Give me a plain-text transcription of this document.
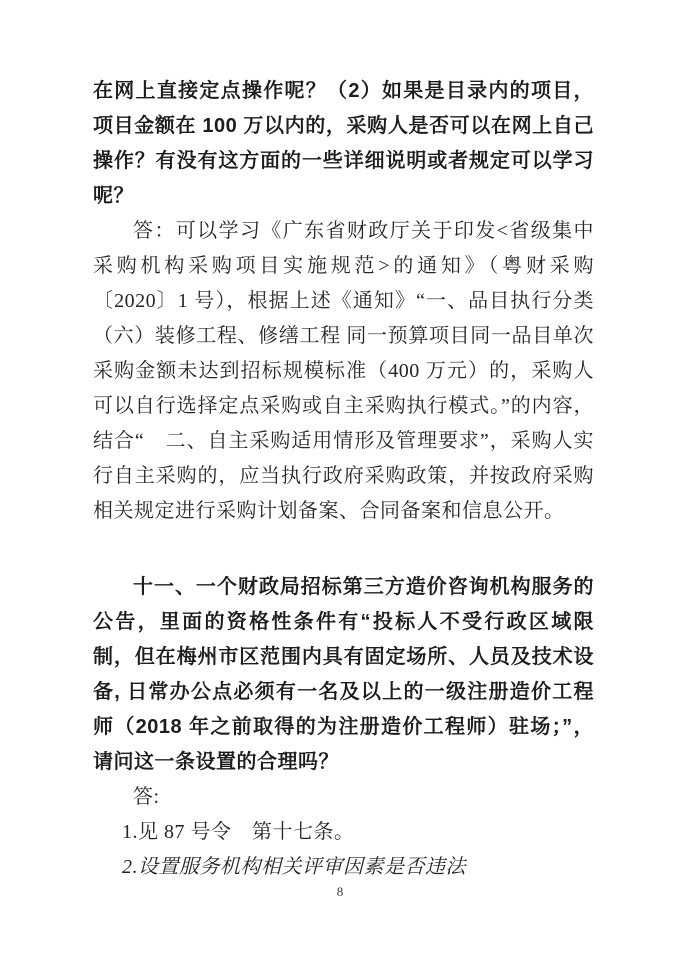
在网上直接定点操作呢？（2）如果是目录内的项目，项目金额在 100 万以内的，采购人是否可以在网上自己操作？有没有这方面的一些详细说明或者规定可以学习呢？

答：可以学习《广东省财政厅关于印发<省级集中采购机构采购项目实施规范>的通知》（粤财采购〔2020〕1 号），根据上述《通知》“一、品目执行分类（六）装修工程、修缮工程 同一预算项目同一品目单次采购金额未达到招标规模标准（400 万元）的，采购人可以自行选择定点采购或自主采购执行模式。”的内容，结合“　二、自主采购适用情形及管理要求”，采购人实行自主采购的，应当执行政府采购政策，并按政府采购相关规定进行采购计划备案、合同备案和信息公开。

十一、一个财政局招标第三方造价咨询机构服务的公告，里面的资格性条件有“投标人不受行政区域限制，但在梅州市区范围内具有固定场所、人员及技术设备, 日常办公点必须有一名及以上的一级注册造价工程师（2018 年之前取得的为注册造价工程师）驻场；”，请问这一条设置的合理吗？

答:

1.见 87 号令　第十七条。

2.设置服务机构相关评审因素是否违法

8
